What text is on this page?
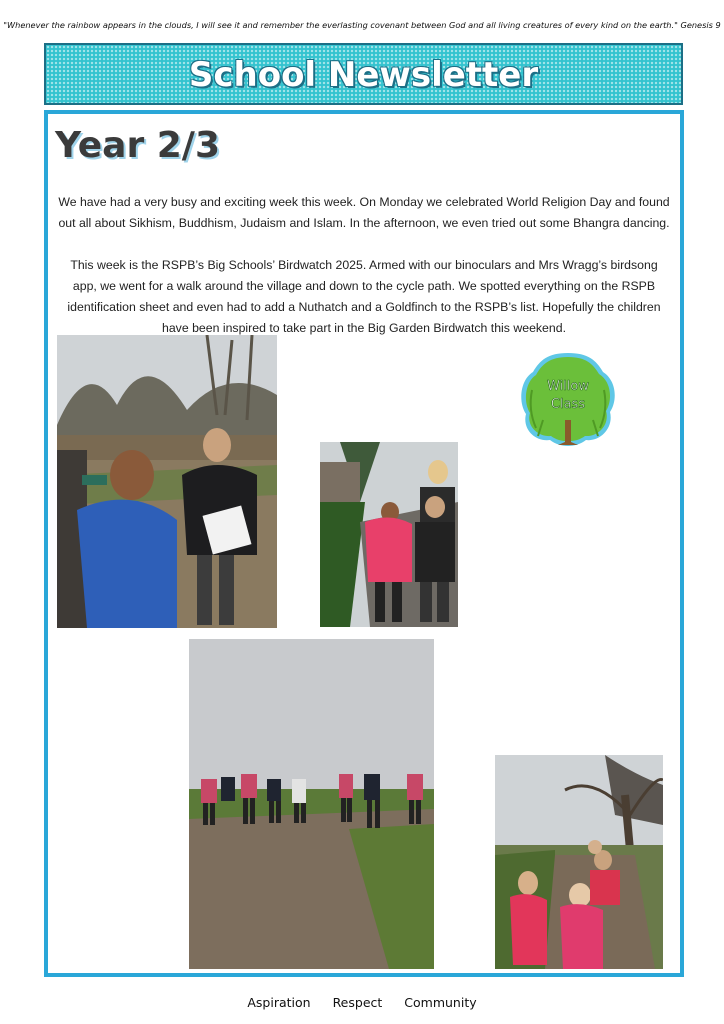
"Whenever the rainbow appears in the clouds, I will see it and remember the everlasting covenant between God and all living creatures of every kind on the earth." Genesis 9
School Newsletter
Year 2/3
We have had a very busy and exciting week this week. On Monday we celebrated World Religion Day and found out all about Sikhism, Buddhism, Judaism and Islam. In the afternoon, we even tried out some Bhangra dancing.
This week is the RSPB’s Big Schools’ Birdwatch 2025. Armed with our binoculars and Mrs Wragg’s birdsong app, we went for a walk around the village and down to the cycle path. We spotted everything on the RSPB identification sheet and even had to add a Nuthatch and a Goldfinch to the RSPB’s list. Hopefully the children have been inspired to take part in the Big Garden Birdwatch this weekend.
Willow
Class
Aspiration Respect Community
